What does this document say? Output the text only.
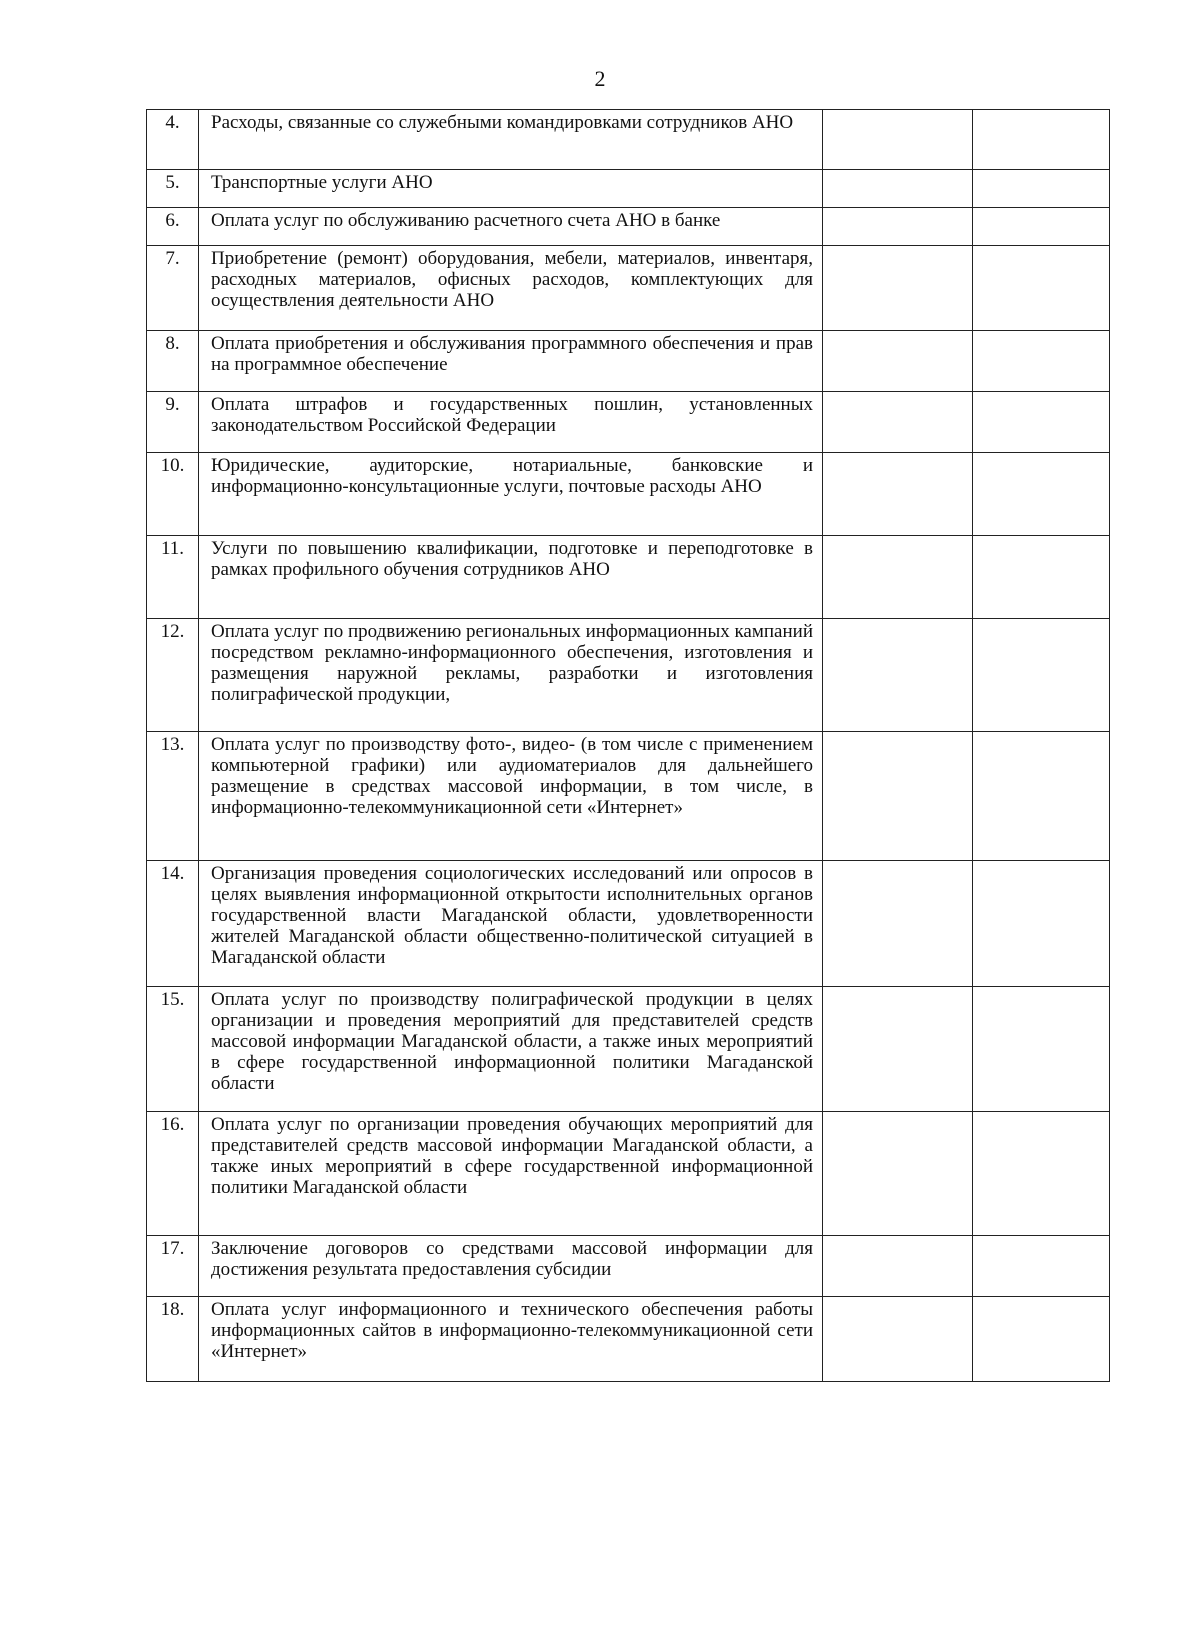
2
4.	Расходы, связанные со служебными командировками сотрудников АНО		

5.	Транспортные услуги АНО		

6.	Оплата услуг по обслуживанию расчетного счета АНО в банке		

7.	Приобретение (ремонт) оборудования, мебели, материалов, инвентаря, расходных материалов, офисных расходов, комплектующих для осуществления деятельности АНО		

8.	Оплата приобретения и обслуживания программного обеспечения и прав на программное обеспечение		

9.	Оплата штрафов и государственных пошлин, установленных законодательством Российской Федерации		

10.	Юридические, аудиторские, нотариальные, банковские и информационно-консультационные услуги, почтовые расходы АНО		

11.	Услуги по повышению квалификации, подготовке и переподготовке в рамках профильного обучения сотрудников АНО		

12.	Оплата услуг по продвижению региональных информационных кампаний посредством рекламно-информационного обеспечения, изготовления и размещения наружной рекламы, разработки и изготовления полиграфической продукции,		

13.	Оплата услуг по производству фото-, видео- (в том числе с применением компьютерной графики) или аудиоматериалов для дальнейшего размещение в средствах массовой информации, в том числе, в информационно-телекоммуникационной сети «Интернет»		

14.	Организация проведения социологических исследований или опросов в целях выявления информационной открытости исполнительных органов государственной власти Магаданской области, удовлетворенности жителей Магаданской области общественно-политической ситуацией в Магаданской области		

15.	Оплата услуг по производству полиграфической продукции в целях организации и проведения мероприятий для представителей средств массовой информации Магаданской области, а также иных мероприятий в сфере государственной информационной политики Магаданской области		

16.	Оплата услуг по организации проведения обучающих мероприятий для представителей средств массовой информации Магаданской области, а также иных мероприятий в сфере государственной информационной политики Магаданской области		

17.	Заключение договоров со средствами массовой информации для достижения результата предоставления субсидии		

18.	Оплата услуг информационного и технического обеспечения работы информационных сайтов в информационно-телекоммуникационной сети «Интернет»		
